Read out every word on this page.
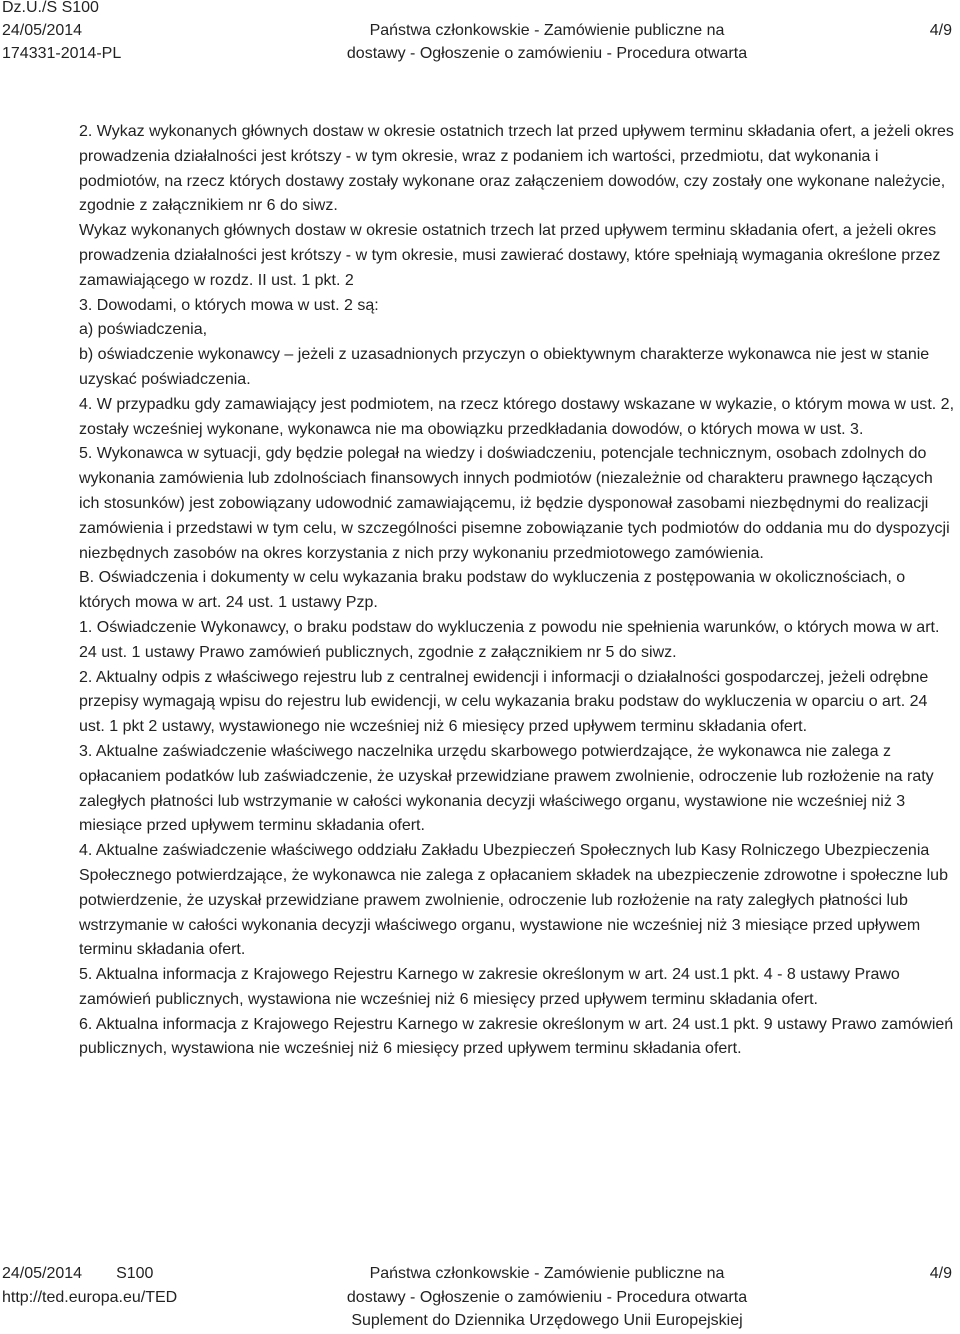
Dz.U./S S100
24/05/2014
174331-2014-PL
Państwa członkowskie - Zamówienie publiczne na
dostawy - Ogłoszenie o zamówieniu - Procedura otwarta
4/9

2. Wykaz wykonanych głównych dostaw w okresie ostatnich trzech lat przed upływem terminu składania ofert, a jeżeli okres prowadzenia działalności jest krótszy - w tym okresie, wraz z podaniem ich wartości, przedmiotu, dat wykonania i podmiotów, na rzecz których dostawy zostały wykonane oraz załączeniem dowodów, czy zostały one wykonane należycie, zgodnie z załącznikiem nr 6 do siwz.

Wykaz wykonanych głównych dostaw w okresie ostatnich trzech lat przed upływem terminu składania ofert, a jeżeli okres prowadzenia działalności jest krótszy - w tym okresie, musi zawierać dostawy, które spełniają wymagania określone przez zamawiającego w rozdz. II ust. 1 pkt. 2

3. Dowodami, o których mowa w ust. 2 są:

a) poświadczenia,

b) oświadczenie wykonawcy – jeżeli z uzasadnionych przyczyn o obiektywnym charakterze wykonawca nie jest w stanie uzyskać poświadczenia.

4. W przypadku gdy zamawiający jest podmiotem, na rzecz którego dostawy wskazane w wykazie, o którym mowa w ust. 2, zostały wcześniej wykonane, wykonawca nie ma obowiązku przedkładania dowodów, o których mowa w ust. 3.

5. Wykonawca w sytuacji, gdy będzie polegał na wiedzy i doświadczeniu, potencjale technicznym, osobach zdolnych do wykonania zamówienia lub zdolnościach finansowych innych podmiotów (niezależnie od charakteru prawnego łączących ich stosunków) jest zobowiązany udowodnić zamawiającemu, iż będzie dysponował zasobami niezbędnymi do realizacji zamówienia i przedstawi w tym celu, w szczególności pisemne zobowiązanie tych podmiotów do oddania mu do dyspozycji niezbędnych zasobów na okres korzystania z nich przy wykonaniu przedmiotowego zamówienia.

B. Oświadczenia i dokumenty w celu wykazania braku podstaw do wykluczenia z postępowania w okolicznościach, o których mowa w art. 24 ust. 1 ustawy Pzp.

1. Oświadczenie Wykonawcy, o braku podstaw do wykluczenia z powodu nie spełnienia warunków, o których mowa w art. 24 ust. 1 ustawy Prawo zamówień publicznych, zgodnie z załącznikiem nr 5 do siwz.

2. Aktualny odpis z właściwego rejestru lub z centralnej ewidencji i informacji o działalności gospodarczej, jeżeli odrębne przepisy wymagają wpisu do rejestru lub ewidencji, w celu wykazania braku podstaw do wykluczenia w oparciu o art. 24 ust. 1 pkt 2 ustawy, wystawionego nie wcześniej niż 6 miesięcy przed upływem terminu składania ofert.

3. Aktualne zaświadczenie właściwego naczelnika urzędu skarbowego potwierdzające, że wykonawca nie zalega z opłacaniem podatków lub zaświadczenie, że uzyskał przewidziane prawem zwolnienie, odroczenie lub rozłożenie na raty zaległych płatności lub wstrzymanie w całości wykonania decyzji właściwego organu, wystawione nie wcześniej niż 3 miesiące przed upływem terminu składania ofert.

4. Aktualne zaświadczenie właściwego oddziału Zakładu Ubezpieczeń Społecznych lub Kasy Rolniczego Ubezpieczenia Społecznego potwierdzające, że wykonawca nie zalega z opłacaniem składek na ubezpieczenie zdrowotne i społeczne lub potwierdzenie, że uzyskał przewidziane prawem zwolnienie, odroczenie lub rozłożenie na raty zaległych płatności lub wstrzymanie w całości wykonania decyzji właściwego organu, wystawione nie wcześniej niż 3 miesiące przed upływem terminu składania ofert.

5. Aktualna informacja z Krajowego Rejestru Karnego w zakresie określonym w art. 24 ust.1 pkt. 4 - 8 ustawy Prawo zamówień publicznych, wystawiona nie wcześniej niż 6 miesięcy przed upływem terminu składania ofert.

6. Aktualna informacja z Krajowego Rejestru Karnego w zakresie określonym w art. 24 ust.1 pkt. 9 ustawy Prawo zamówień publicznych, wystawiona nie wcześniej niż 6 miesięcy przed upływem terminu składania ofert.

24/05/2014 S100
http://ted.europa.eu/TED
Państwa członkowskie - Zamówienie publiczne na
dostawy - Ogłoszenie o zamówieniu - Procedura otwarta
Suplement do Dziennika Urzędowego Unii Europejskiej
4/9
